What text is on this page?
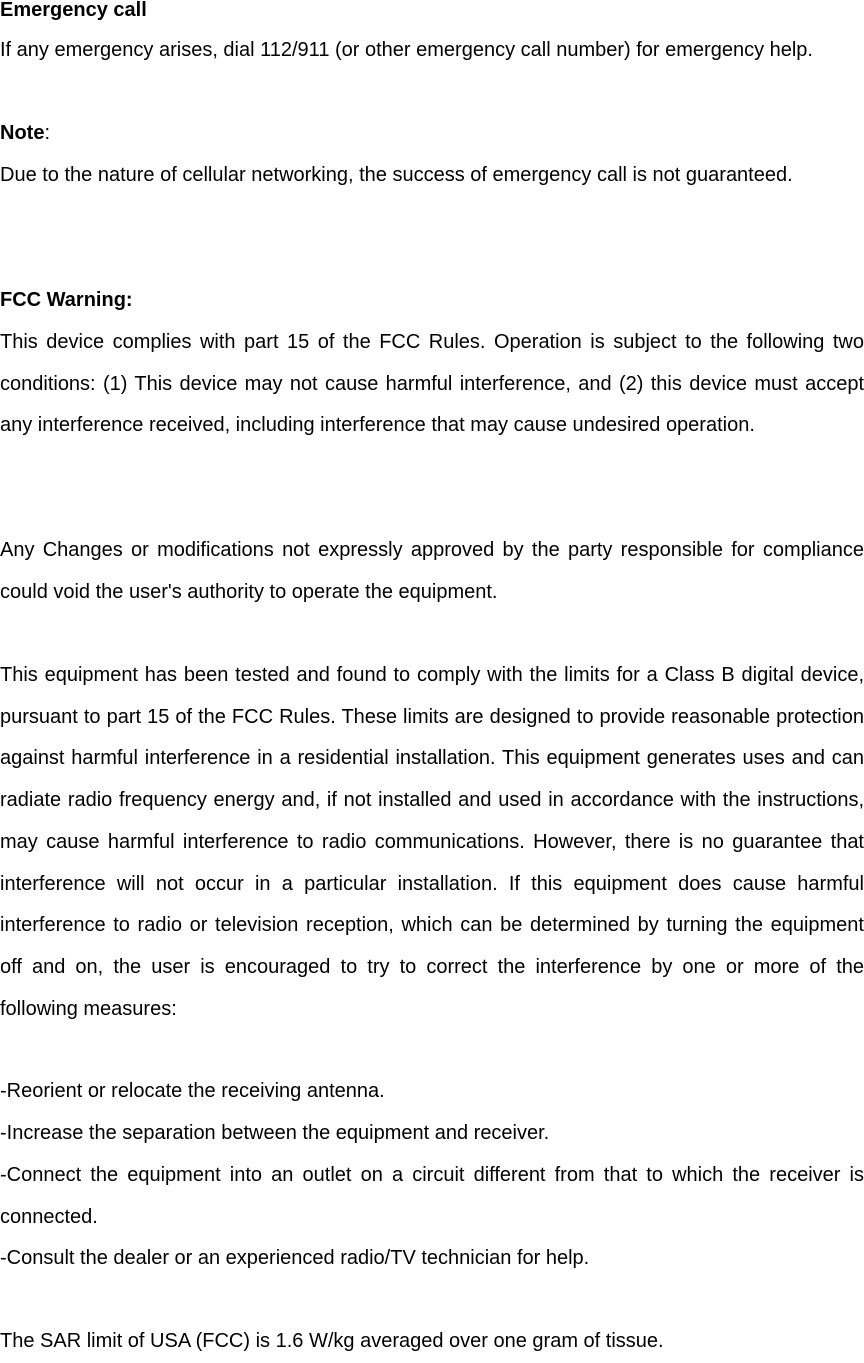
Emergency call

If any emergency arises, dial 112/911 (or other emergency call number) for emergency help.

Note:

Due to the nature of cellular networking, the success of emergency call is not guaranteed.

FCC Warning:

This device complies with part 15 of the FCC Rules. Operation is subject to the following two conditions: (1) This device may not cause harmful interference, and (2) this device must accept any interference received, including interference that may cause undesired operation.

Any Changes or modifications not expressly approved by the party responsible for compliance could void the user's authority to operate the equipment.

This equipment has been tested and found to comply with the limits for a Class B digital device, pursuant to part 15 of the FCC Rules. These limits are designed to provide reasonable protection against harmful interference in a residential installation. This equipment generates uses and can radiate radio frequency energy and, if not installed and used in accordance with the instructions, may cause harmful interference to radio communications. However, there is no guarantee that interference will not occur in a particular installation. If this equipment does cause harmful interference to radio or television reception, which can be determined by turning the equipment off and on, the user is encouraged to try to correct the interference by one or more of the following measures:

-Reorient or relocate the receiving antenna.

-Increase the separation between the equipment and receiver.

-Connect the equipment into an outlet on a circuit different from that to which the receiver is connected.

-Consult the dealer or an experienced radio/TV technician for help.

The SAR limit of USA (FCC) is 1.6 W/kg averaged over one gram of tissue.
